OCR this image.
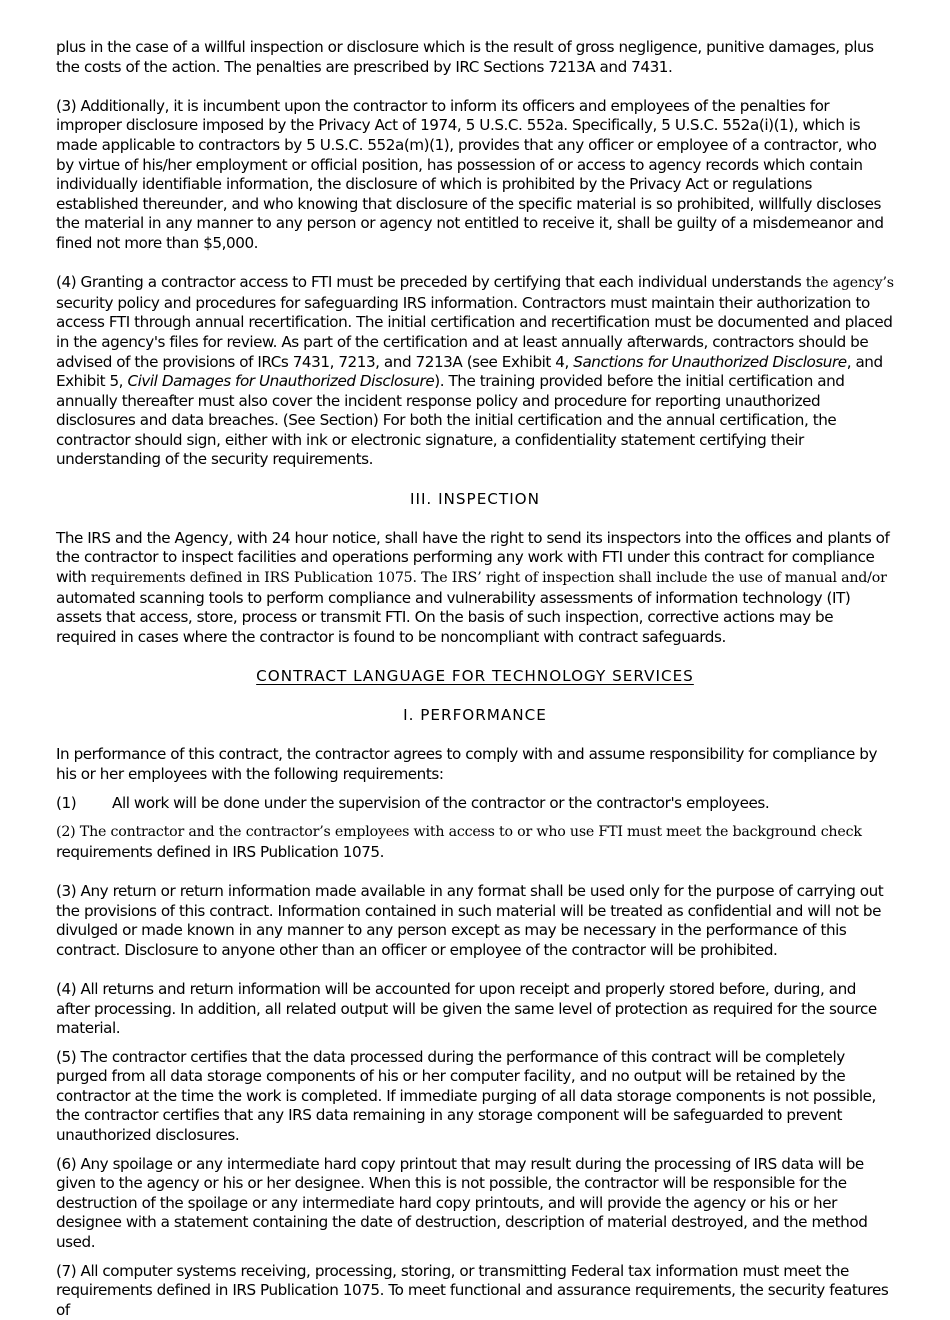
plus in the case of a willful inspection or disclosure which is the result of gross negligence, punitive damages, plus the costs of the action. The penalties are prescribed by IRC Sections 7213A and 7431.

(3) Additionally, it is incumbent upon the contractor to inform its officers and employees of the penalties for improper disclosure imposed by the Privacy Act of 1974, 5 U.S.C. 552a. Specifically, 5 U.S.C. 552a(i)(1), which is made applicable to contractors by 5 U.S.C. 552a(m)(1), provides that any officer or employee of a contractor, who by virtue of his/her employment or official position, has possession of or access to agency records which contain individually identifiable information, the disclosure of which is prohibited by the Privacy Act or regulations established thereunder, and who knowing that disclosure of the specific material is so prohibited, willfully discloses the material in any manner to any person or agency not entitled to receive it, shall be guilty of a misdemeanor and fined not more than $5,000.

(4) Granting a contractor access to FTI must be preceded by certifying that each individual understands the agency’s security policy and procedures for safeguarding IRS information. Contractors must maintain their authorization to access FTI through annual recertification. The initial certification and recertification must be documented and placed in the agency's files for review. As part of the certification and at least annually afterwards, contractors should be advised of the provisions of IRCs 7431, 7213, and 7213A (see Exhibit 4, Sanctions for Unauthorized Disclosure, and Exhibit 5, Civil Damages for Unauthorized Disclosure). The training provided before the initial certification and annually thereafter must also cover the incident response policy and procedure for reporting unauthorized disclosures and data breaches. (See Section) For both the initial certification and the annual certification, the contractor should sign, either with ink or electronic signature, a confidentiality statement certifying their understanding of the security requirements.

III. INSPECTION

The IRS and the Agency, with 24 hour notice, shall have the right to send its inspectors into the offices and plants of the contractor to inspect facilities and operations performing any work with FTI under this contract for compliance with requirements defined in IRS Publication 1075. The IRS’ right of inspection shall include the use of manual and/or automated scanning tools to perform compliance and vulnerability assessments of information technology (IT) assets that access, store, process or transmit FTI. On the basis of such inspection, corrective actions may be required in cases where the contractor is found to be noncompliant with contract safeguards.

CONTRACT LANGUAGE FOR TECHNOLOGY SERVICES

I. PERFORMANCE

In performance of this contract, the contractor agrees to comply with and assume responsibility for compliance by his or her employees with the following requirements:

(1) All work will be done under the supervision of the contractor or the contractor's employees.

(2) The contractor and the contractor’s employees with access to or who use FTI must meet the background check requirements defined in IRS Publication 1075.

(3) Any return or return information made available in any format shall be used only for the purpose of carrying out the provisions of this contract. Information contained in such material will be treated as confidential and will not be divulged or made known in any manner to any person except as may be necessary in the performance of this contract. Disclosure to anyone other than an officer or employee of the contractor will be prohibited.

(4) All returns and return information will be accounted for upon receipt and properly stored before, during, and after processing. In addition, all related output will be given the same level of protection as required for the source material.

(5) The contractor certifies that the data processed during the performance of this contract will be completely purged from all data storage components of his or her computer facility, and no output will be retained by the contractor at the time the work is completed. If immediate purging of all data storage components is not possible, the contractor certifies that any IRS data remaining in any storage component will be safeguarded to prevent unauthorized disclosures.

(6) Any spoilage or any intermediate hard copy printout that may result during the processing of IRS data will be given to the agency or his or her designee. When this is not possible, the contractor will be responsible for the destruction of the spoilage or any intermediate hard copy printouts, and will provide the agency or his or her designee with a statement containing the date of destruction, description of material destroyed, and the method used.

(7) All computer systems receiving, processing, storing, or transmitting Federal tax information must meet the requirements defined in IRS Publication 1075. To meet functional and assurance requirements, the security features of
